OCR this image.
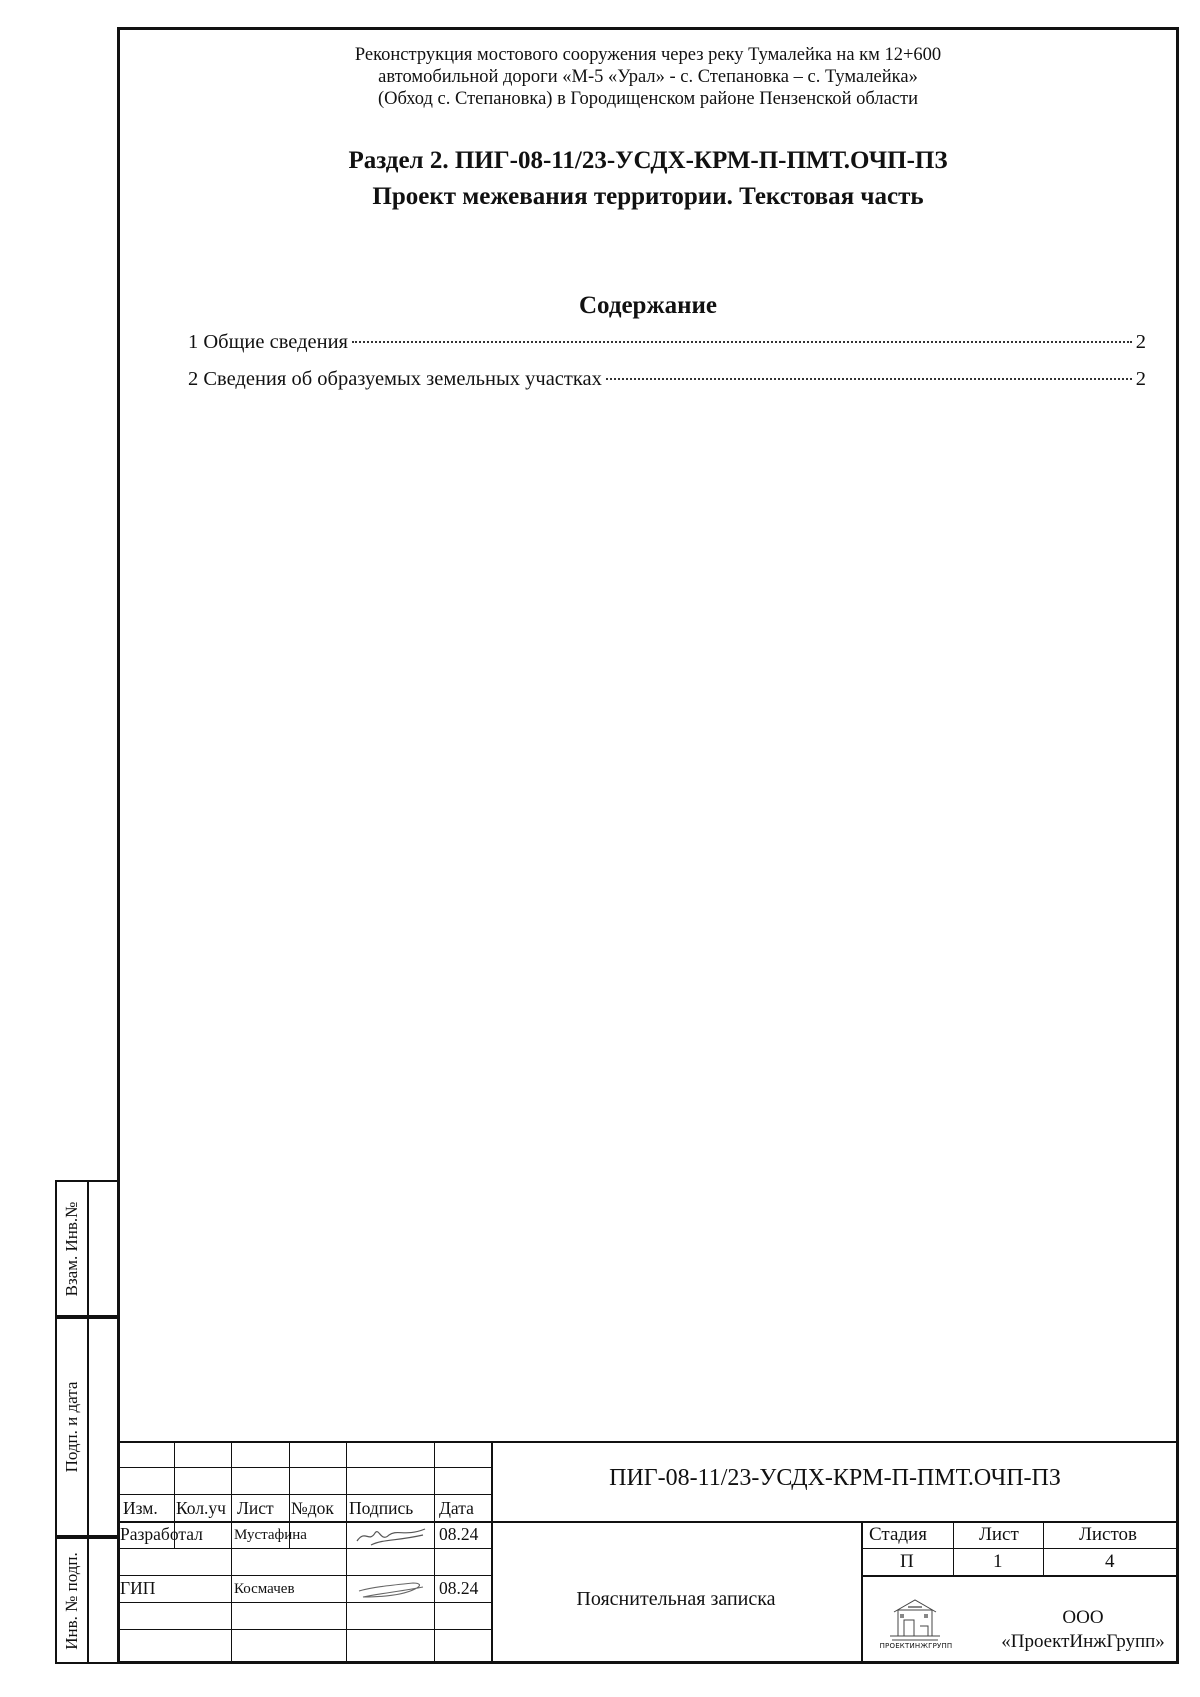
Реконструкция мостового сооружения через реку Тумалейка на км 12+600
автомобильной дороги «М-5 «Урал» - с. Степановка – с. Тумалейка»
(Обход с. Степановка) в Городищенском районе Пензенской области
Раздел 2. ПИГ-08-11/23-УСДХ-КРМ-П-ПМТ.ОЧП-ПЗ
Проект межевания территории. Текстовая часть
Содержание
1 Общие сведения	2
2 Сведения об образуемых земельных участках	2
Взам. Инв.№
Подп. и дата
Инв. № подп.
Изм. Кол.уч Лист №док Подпись Дата
Разработал Мустафина	08.24
ГИП	Космачев	08.24
ПИГ-08-11/23-УСДХ-КРМ-П-ПМТ.ОЧП-ПЗ
Пояснительная записка
Стадия	Лист	Листов
П	1	4
ПРОЕКТИНЖГРУПП
ООО
«ПроектИнжГрупп»
